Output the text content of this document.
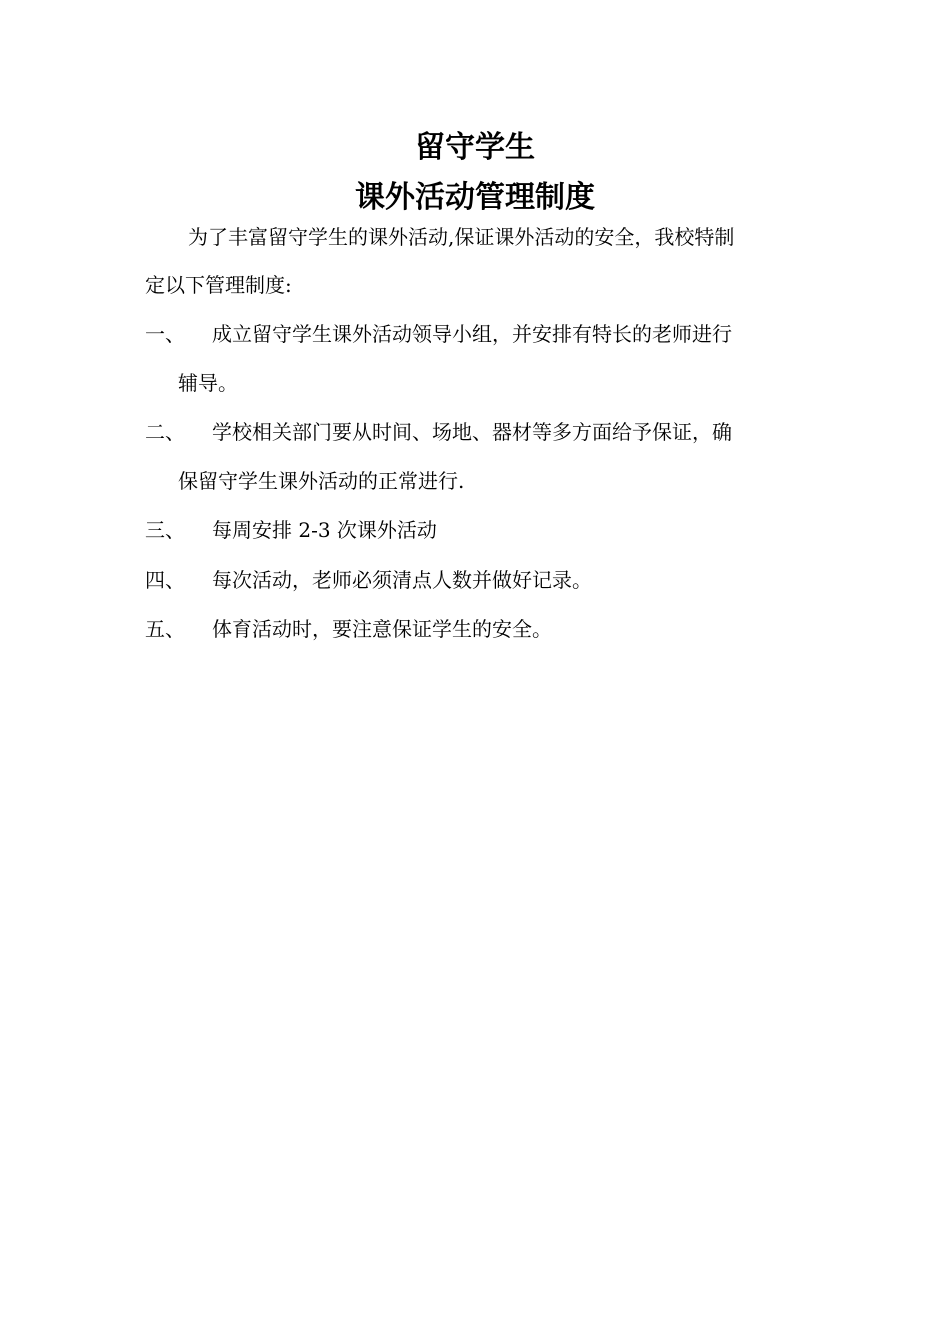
留守学生
课外活动管理制度
为了丰富留守学生的课外活动,保证课外活动的安全，我校特制
定以下管理制度:
一、 成立留守学生课外活动领导小组，并安排有特长的老师进行
辅导。
二、 学校相关部门要从时间、场地、器材等多方面给予保证，确
保留守学生课外活动的正常进行.
三、 每周安排 2-3 次课外活动
四、 每次活动，老师必须清点人数并做好记录。
五、 体育活动时，要注意保证学生的安全。
